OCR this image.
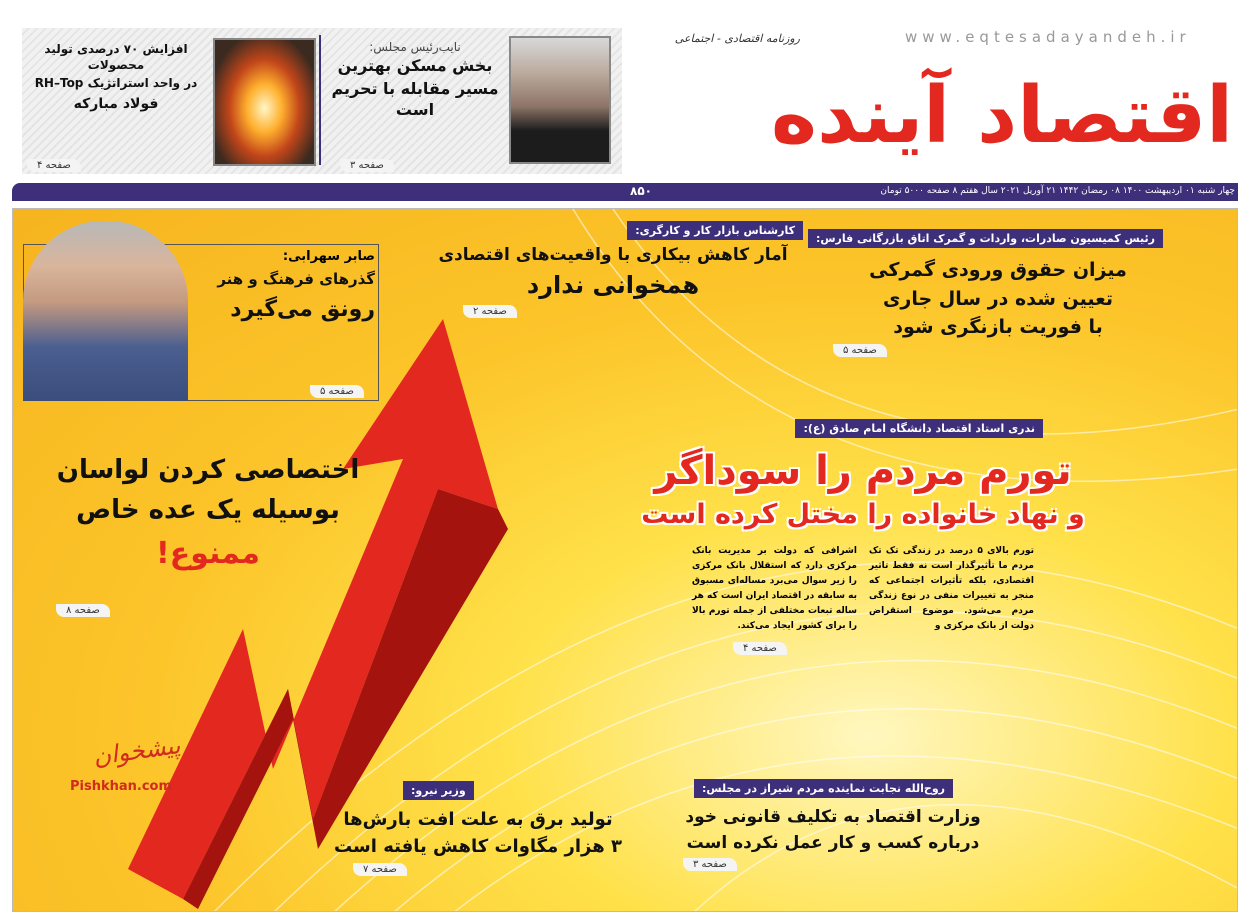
نایب‌رئیس مجلس:
بخش مسکن بهترین
مسیر مقابله با تحریم است
صفحه ۳
افزایش ۷۰ درصدی تولید محصولات
در واحد استراتژیک RH–Top
فولاد مبارکه
صفحه ۴
www.eqtesadayandeh.ir
روزنامه اقتصادی - اجتماعی
اقتصاد آینده
۸۵۰	چهار شنبه ۰۱ اردیبهشت ۱۴۰۰ ۰۸ رمضان ۱۴۴۲ ۲۱ آوریل ۲۰۲۱ سال هفتم ۸ صفحه ۵۰۰۰ تومان
رئیس کمیسیون صادرات، واردات و گمرک اتاق بازرگانی فارس:
میزان حقوق ورودی گمرکی
تعیین شده در سال جاری
با فوریت بازنگری شود
صفحه ۵
کارشناس بازار کار و کارگری:
آمار کاهش بیکاری با واقعیت‌های اقتصادی
همخوانی ندارد
صفحه ۲
صابر سهرابی:
گذرهای فرهنگ و هنر
رونق می‌گیرد
صفحه ۵
ندری استاد اقتصاد دانشگاه امام صادق (ع):
تورم مردم را سوداگر
و نهاد خانواده را مختل کرده است
تورم بالای ۵ درصد در زندگی تک تک مردم ما تأثیرگذار است نه فقط تاثیر اقتصادی، بلکه تأثیرات اجتماعی که منجر به تغییرات منفی در نوع زندگی مردم می‌شود. موضوع استقراض دولت از بانک مرکزی و
اشرافی که دولت بر مدیریت بانک مرکزی دارد که استقلال بانک مرکزی را زیر سوال می‌برد مساله‌ای مسبوق به سابقه در اقتصاد ایران است که هر ساله تبعات مختلفی از جمله تورم بالا را برای کشور ایجاد می‌کند.
صفحه ۴
اختصاصی کردن لواسان
بوسیله یک عده خاص
ممنوع!
صفحه ۸
پیشخوان
Pishkhan.com	وزیر نیرو:
تولید برق به علت افت بارش‌ها
۳ هزار مگاوات کاهش یافته است
صفحه ۷
روح‌الله نجابت نماینده مردم شیراز در مجلس:
وزارت اقتصاد به تکلیف قانونی خود
درباره کسب و کار عمل نکرده است
صفحه ۳
